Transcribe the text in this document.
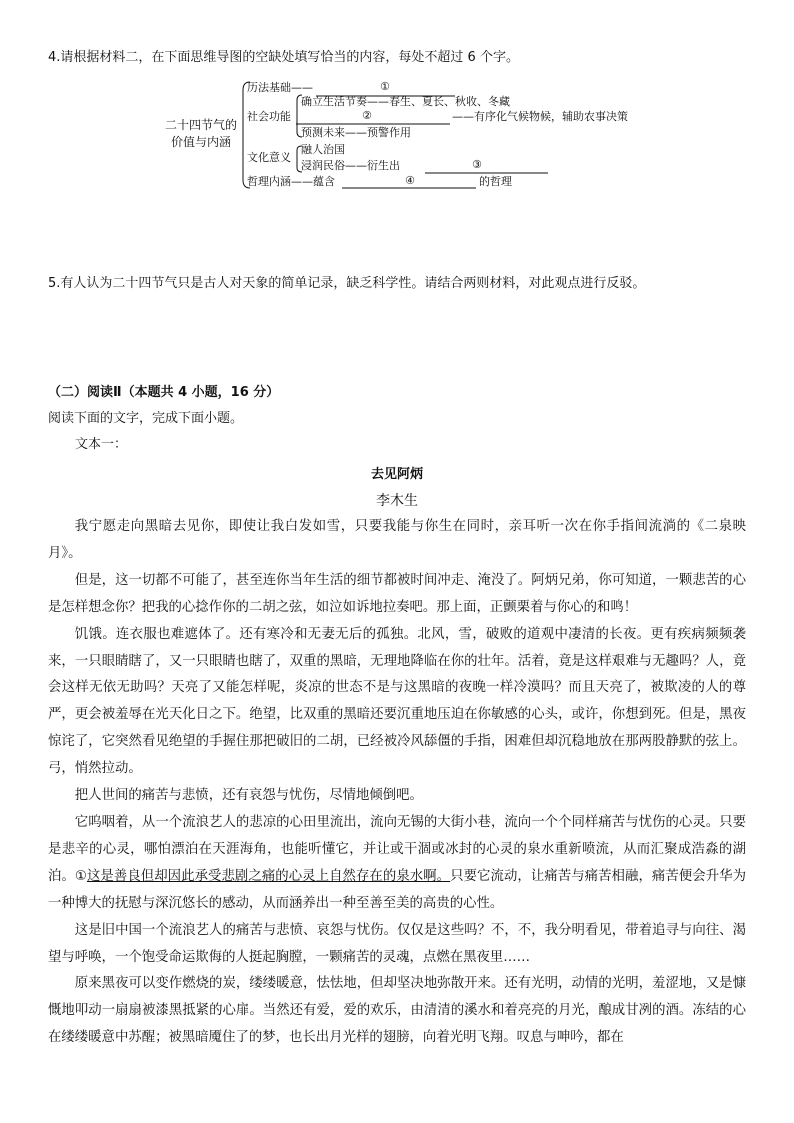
4.请根据材料二，在下面思维导图的空缺处填写恰当的内容，每处不超过 6 个字。
二十四节气的
价值与内涵
历法基础——	①
社会功能
确立生活节奏——春生、夏长、秋收、冬藏
②	——有序化气候物候，辅助农事决策
预测未来——预警作用
文化意义
融人治国
浸润民俗——衍生出	③
哲理内涵——蕴含	④	的哲理
5.有人认为二十四节气只是古人对天象的简单记录，缺乏科学性。请结合两则材料，对此观点进行反驳。
（二）阅读Ⅱ（本题共 4 小题，16 分）
阅读下面的文字，完成下面小题。
文本一：
去见阿炳
李木生
我宁愿走向黑暗去见你，即使让我白发如雪，只要我能与你生在同时，亲耳听一次在你手指间流淌的《二泉映月》。
但是，这一切都不可能了，甚至连你当年生活的细节都被时间冲走、淹没了。阿炳兄弟，你可知道，一颗悲苦的心是怎样想念你？把我的心捻作你的二胡之弦，如泣如诉地拉奏吧。那上面，正颤栗着与你心的和鸣！
饥饿。连衣服也难遮体了。还有寒冷和无妻无后的孤独。北风，雪，破败的道观中凄清的长夜。更有疾病频频袭来，一只眼睛瞎了，又一只眼睛也瞎了，双重的黑暗，无理地降临在你的壮年。活着，竟是这样艰难与无趣吗？人，竟会这样无依无助吗？天亮了又能怎样呢，炎凉的世态不是与这黑暗的夜晚一样冷漠吗？而且天亮了，被欺凌的人的尊严，更会被羞辱在光天化日之下。绝望，比双重的黑暗还要沉重地压迫在你敏感的心头，或许，你想到死。但是，黑夜惊诧了，它突然看见绝望的手握住那把破旧的二胡，已经被冷风舔僵的手指，困难但却沉稳地放在那两股静默的弦上。弓，悄然拉动。
把人世间的痛苦与悲愤，还有哀怨与忧伤，尽情地倾倒吧。
它呜咽着，从一个流浪艺人的悲凉的心田里流出，流向无锡的大街小巷，流向一个个同样痛苦与忧伤的心灵。只要是悲辛的心灵，哪怕漂泊在天涯海角，也能听懂它，并让或干涸或冰封的心灵的泉水重新喷流，从而汇聚成浩淼的湖泊。①这是善良但却因此承受悲剧之痛的心灵上自然存在的泉水啊。只要它流动，让痛苦与痛苦相融，痛苦便会升华为一种博大的抚慰与深沉悠长的感动，从而涵养出一种至善至美的高贵的心性。
这是旧中国一个流浪艺人的痛苦与悲愤、哀怨与忧伤。仅仅是这些吗？不，不，我分明看见，带着追寻与向往、渴望与呼唤，一个饱受命运欺侮的人挺起胸膛，一颗痛苦的灵魂，点燃在黑夜里……
原来黑夜可以变作燃烧的炭，缕缕暖意，怯怯地，但却坚决地弥散开来。还有光明，动情的光明，羞涩地，又是慷慨地叩动一扇扇被漆黑抵紧的心扉。当然还有爱，爱的欢乐，由清清的溪水和着亮亮的月光，酿成甘冽的酒。冻结的心在缕缕暖意中苏醒；被黑暗魇住了的梦，也长出月光样的翅膀，向着光明飞翔。叹息与呻吟，都在
